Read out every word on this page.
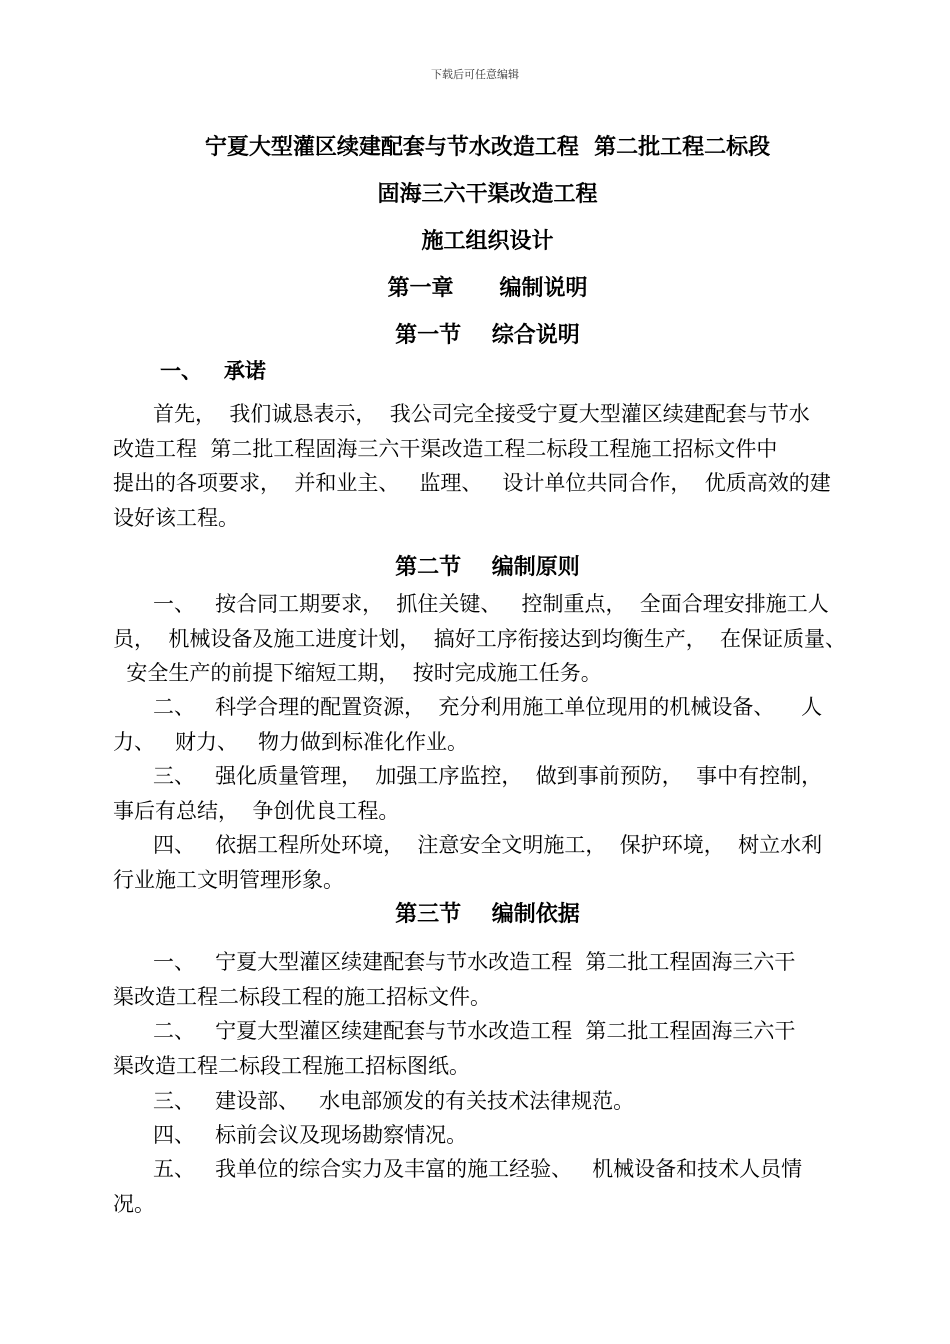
下载后可任意编辑
宁夏大型灌区续建配套与节水改造工程  第二批工程二标段
固海三六干渠改造工程
施工组织设计
第一章      编制说明
第一节    综合说明
一、   承诺
首先，  我们诚恳表示，  我公司完全接受宁夏大型灌区续建配套与节水
改造工程  第二批工程固海三六干渠改造工程二标段工程施工招标文件中
提出的各项要求，  并和业主、   监理、   设计单位共同合作，  优质高效的建
设好该工程。
第二节    编制原则
一、   按合同工期要求，  抓住关键、   控制重点，  全面合理安排施工人
员，  机械设备及施工进度计划，  搞好工序衔接达到均衡生产，  在保证质量、
安全生产的前提下缩短工期，  按时完成施工任务。
二、   科学合理的配置资源，  充分利用施工单位现用的机械设备、    人
力、   财力、   物力做到标准化作业。
三、   强化质量管理，  加强工序监控，  做到事前预防，  事中有控制，
事后有总结，  争创优良工程。
四、   依据工程所处环境，  注意安全文明施工，  保护环境，  树立水利
行业施工文明管理形象。
第三节    编制依据
一、   宁夏大型灌区续建配套与节水改造工程  第二批工程固海三六干
渠改造工程二标段工程的施工招标文件。
二、   宁夏大型灌区续建配套与节水改造工程  第二批工程固海三六干
渠改造工程二标段工程施工招标图纸。
三、   建设部、   水电部颁发的有关技术法律规范。
四、   标前会议及现场勘察情况。
五、   我单位的综合实力及丰富的施工经验、   机械设备和技术人员情
况。
